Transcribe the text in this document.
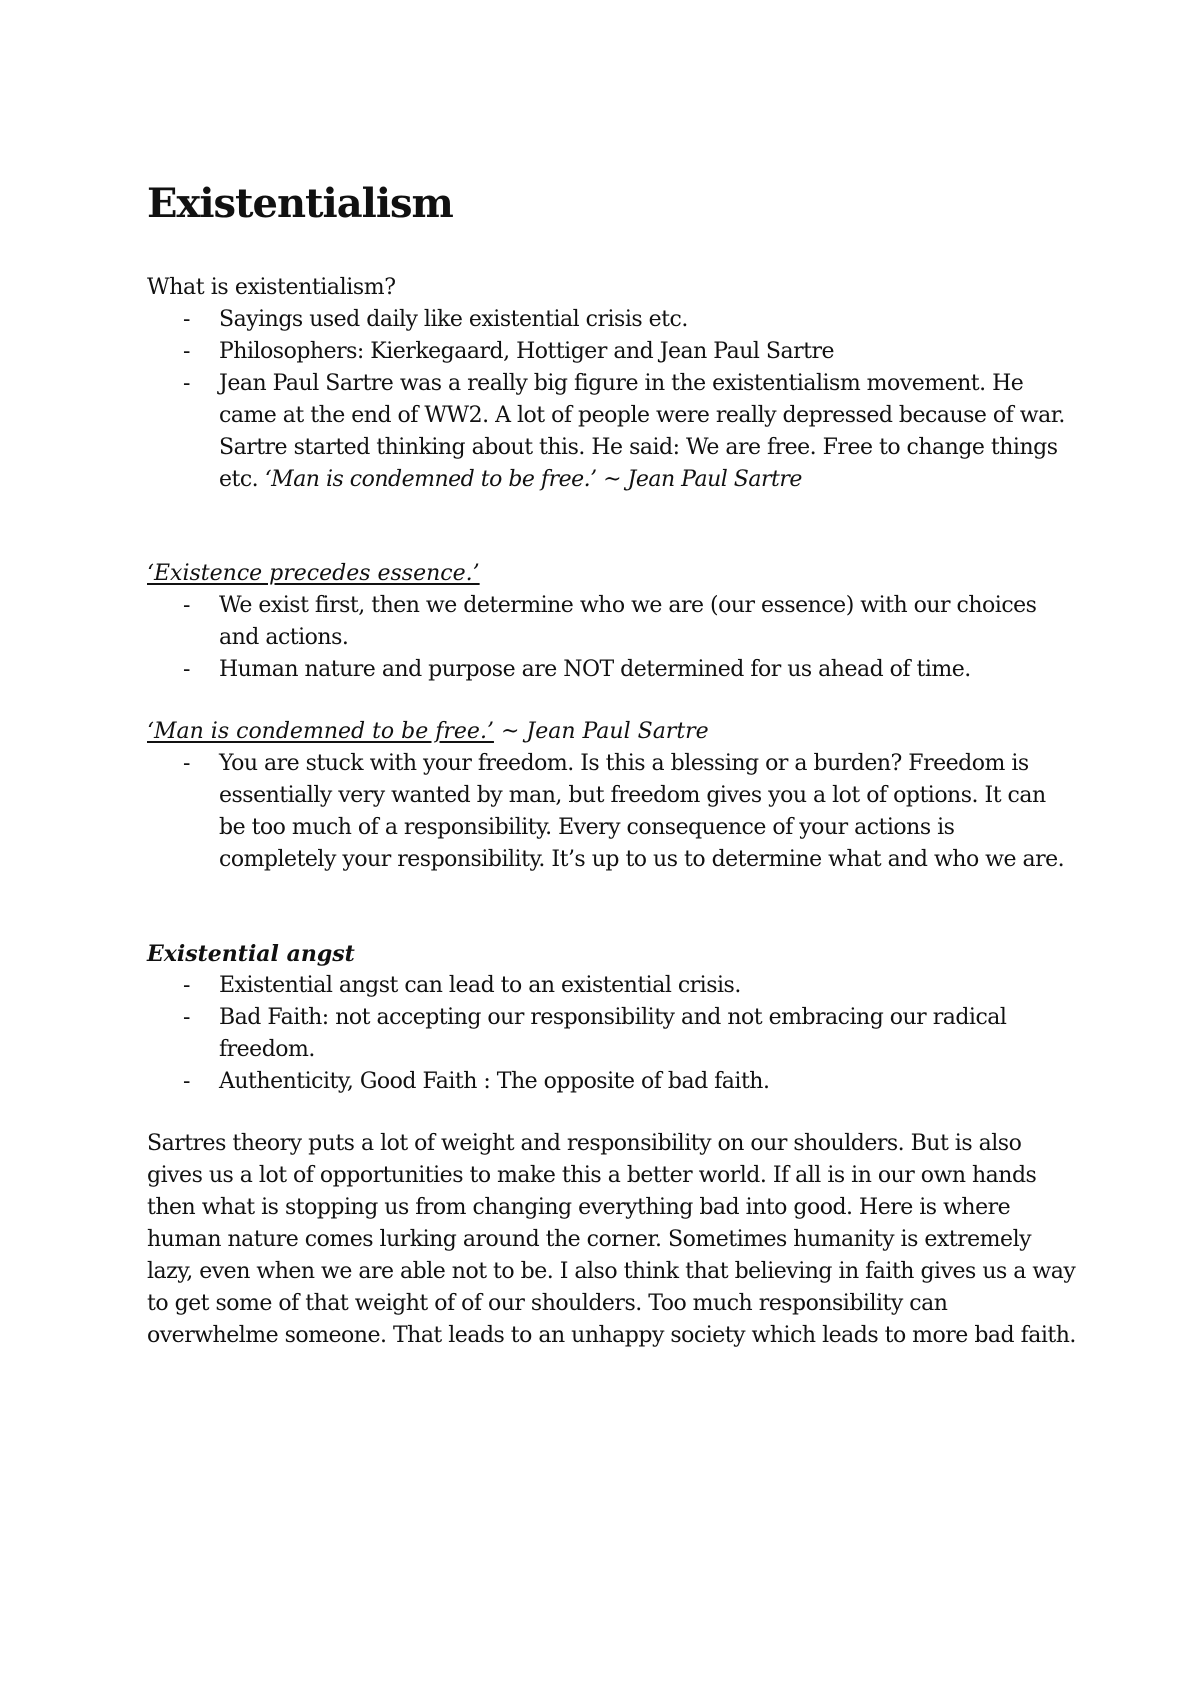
Existentialism

What is existentialism?

- Sayings used daily like existential crisis etc.
- Philosophers: Kierkegaard, Hottiger and Jean Paul Sartre
- Jean Paul Sartre was a really big figure in the existentialism movement. He came at the end of WW2. A lot of people were really depressed because of war. Sartre started thinking about this. He said: We are free. Free to change things etc. ‘Man is condemned to be free.’ ~ Jean Paul Sartre

‘Existence precedes essence.’

- We exist first, then we determine who we are (our essence) with our choices and actions.
- Human nature and purpose are NOT determined for us ahead of time.

‘Man is condemned to be free.’ ~ Jean Paul Sartre

- You are stuck with your freedom. Is this a blessing or a burden? Freedom is essentially very wanted by man, but freedom gives you a lot of options. It can be too much of a responsibility. Every consequence of your actions is completely your responsibility. It’s up to us to determine what and who we are.

Existential angst

- Existential angst can lead to an existential crisis.
- Bad Faith: not accepting our responsibility and not embracing our radical freedom.
- Authenticity, Good Faith : The opposite of bad faith.

Sartres theory puts a lot of weight and responsibility on our shoulders. But is also gives us a lot of opportunities to make this a better world. If all is in our own hands then what is stopping us from changing everything bad into good. Here is where human nature comes lurking around the corner. Sometimes humanity is extremely lazy, even when we are able not to be. I also think that believing in faith gives us a way to get some of that weight of of our shoulders. Too much responsibility can overwhelme someone. That leads to an unhappy society which leads to more bad faith.
